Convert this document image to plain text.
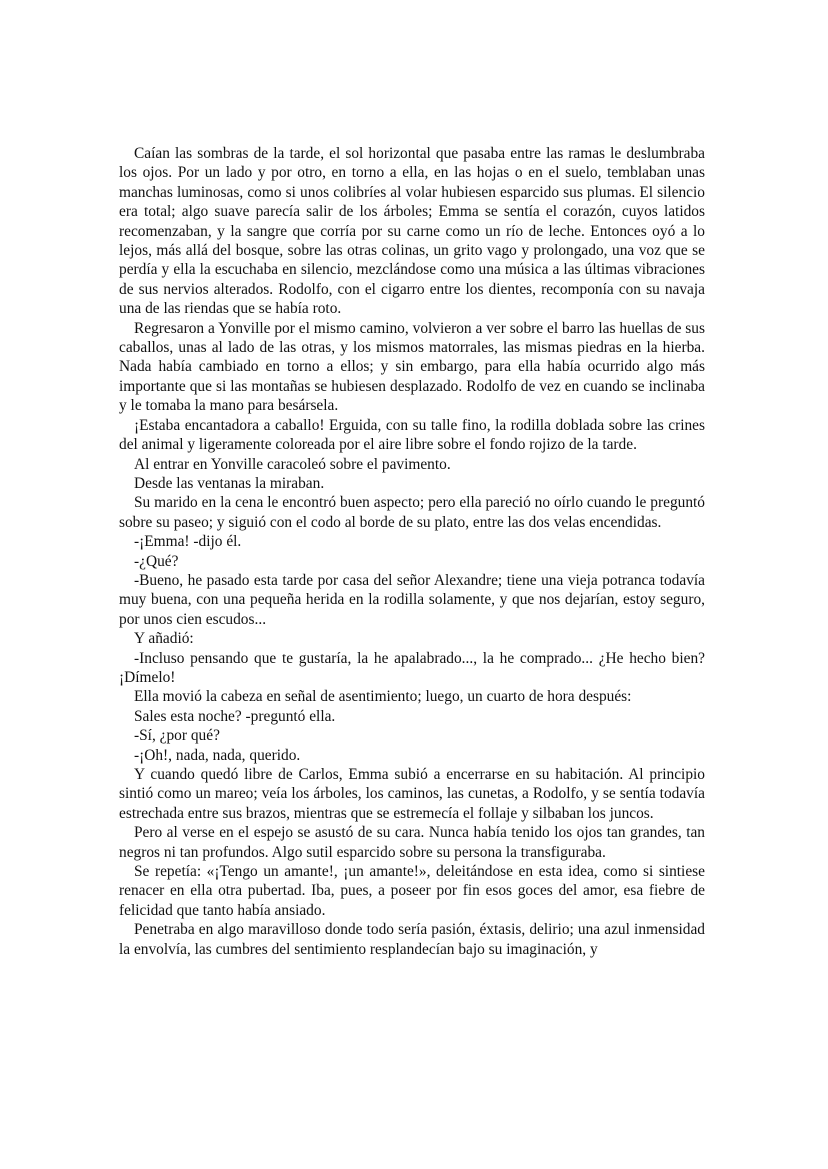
Caían las sombras de la tarde, el sol horizontal que pasaba entre las ramas le deslumbraba los ojos. Por un lado y por otro, en torno a ella, en las hojas o en el suelo, temblaban unas manchas luminosas, como si unos colibríes al volar hubiesen esparcido sus plumas. El silencio era total; algo suave parecía salir de los árboles; Emma se sentía el corazón, cuyos latidos recomenzaban, y la sangre que corría por su carne como un río de leche. Entonces oyó a lo lejos, más allá del bosque, sobre las otras colinas, un grito vago y prolongado, una voz que se perdía y ella la escuchaba en silencio, mezclándose como una música a las últimas vibraciones de sus nervios alterados. Rodolfo, con el cigarro entre los dientes, recomponía con su navaja una de las riendas que se había roto.

Regresaron a Yonville por el mismo camino, volvieron a ver sobre el barro las huellas de sus caballos, unas al lado de las otras, y los mismos matorrales, las mismas piedras en la hierba. Nada había cambiado en torno a ellos; y sin embargo, para ella había ocurrido algo más importante que si las montañas se hubiesen desplazado. Rodolfo de vez en cuando se inclinaba y le tomaba la mano para besársela.

¡Estaba encantadora a caballo! Erguida, con su talle fino, la rodilla doblada sobre las crines del animal y ligeramente coloreada por el aire libre sobre el fondo rojizo de la tarde.

Al entrar en Yonville caracoleó sobre el pavimento.

Desde las ventanas la miraban.

Su marido en la cena le encontró buen aspecto; pero ella pareció no oírlo cuando le preguntó sobre su paseo; y siguió con el codo al borde de su plato, entre las dos velas encendidas.

-¡Emma! -dijo él.

-¿Qué?

-Bueno, he pasado esta tarde por casa del señor Alexandre; tiene una vieja potranca todavía muy buena, con una pequeña herida en la rodilla solamente, y que nos dejarían, estoy seguro, por unos cien escudos...

Y añadió:

-Incluso pensando que te gustaría, la he apalabrado..., la he comprado... ¿He hecho bien? ¡Dímelo!

Ella movió la cabeza en señal de asentimiento; luego, un cuarto de hora después:

Sales esta noche? -preguntó ella.

-Sí, ¿por qué?

-¡Oh!, nada, nada, querido.

Y cuando quedó libre de Carlos, Emma subió a encerrarse en su habitación. Al principio sintió como un mareo; veía los árboles, los caminos, las cunetas, a Rodolfo, y se sentía todavía estrechada entre sus brazos, mientras que se estremecía el follaje y silbaban los juncos.

Pero al verse en el espejo se asustó de su cara. Nunca había tenido los ojos tan grandes, tan negros ni tan profundos. Algo sutil esparcido sobre su persona la transfiguraba.

Se repetía: «¡Tengo un amante!, ¡un amante!», deleitándose en esta idea, como si sintiese renacer en ella otra pubertad. Iba, pues, a poseer por fin esos goces del amor, esa fiebre de felicidad que tanto había ansiado.

Penetraba en algo maravilloso donde todo sería pasión, éxtasis, delirio; una azul inmensidad la envolvía, las cumbres del sentimiento resplandecían bajo su imaginación, y
